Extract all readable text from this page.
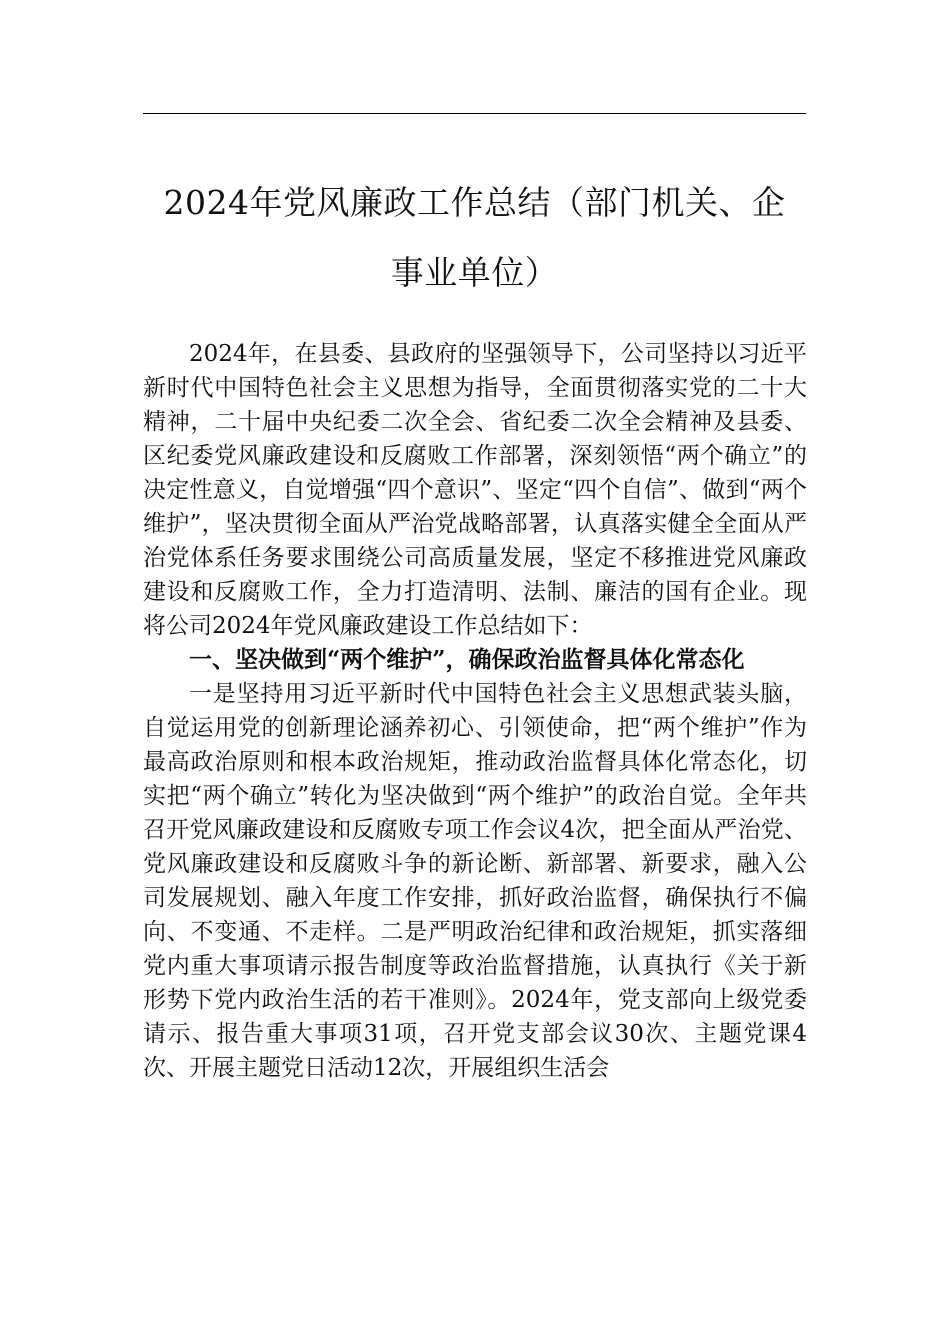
2024年党风廉政工作总结（部门机关、企
事业单位）

2024年，在县委、县政府的坚强领导下，公司坚持以习近平新时代中国特色社会主义思想为指导，全面贯彻落实党的二十大精神，二十届中央纪委二次全会、省纪委二次全会精神及县委、区纪委党风廉政建设和反腐败工作部署，深刻领悟“两个确立”的决定性意义，自觉增强“四个意识”、坚定“四个自信”、做到“两个维护”，坚决贯彻全面从严治党战略部署，认真落实健全全面从严治党体系任务要求围绕公司高质量发展，坚定不移推进党风廉政建设和反腐败工作，全力打造清明、法制、廉洁的国有企业。现将公司2024年党风廉政建设工作总结如下：

一、坚决做到“两个维护”，确保政治监督具体化常态化

一是坚持用习近平新时代中国特色社会主义思想武装头脑，自觉运用党的创新理论涵养初心、引领使命，把“两个维护”作为最高政治原则和根本政治规矩，推动政治监督具体化常态化，切实把“两个确立”转化为坚决做到“两个维护”的政治自觉。全年共召开党风廉政建设和反腐败专项工作会议4次，把全面从严治党、党风廉政建设和反腐败斗争的新论断、新部署、新要求，融入公司发展规划、融入年度工作安排，抓好政治监督，确保执行不偏向、不变通、不走样。二是严明政治纪律和政治规矩，抓实落细党内重大事项请示报告制度等政治监督措施，认真执行《关于新形势下党内政治生活的若干准则》。2024年，党支部向上级党委请示、报告重大事项31项，召开党支部会议30次、主题党课4次、开展主题党日活动12次，开展组织生活会
